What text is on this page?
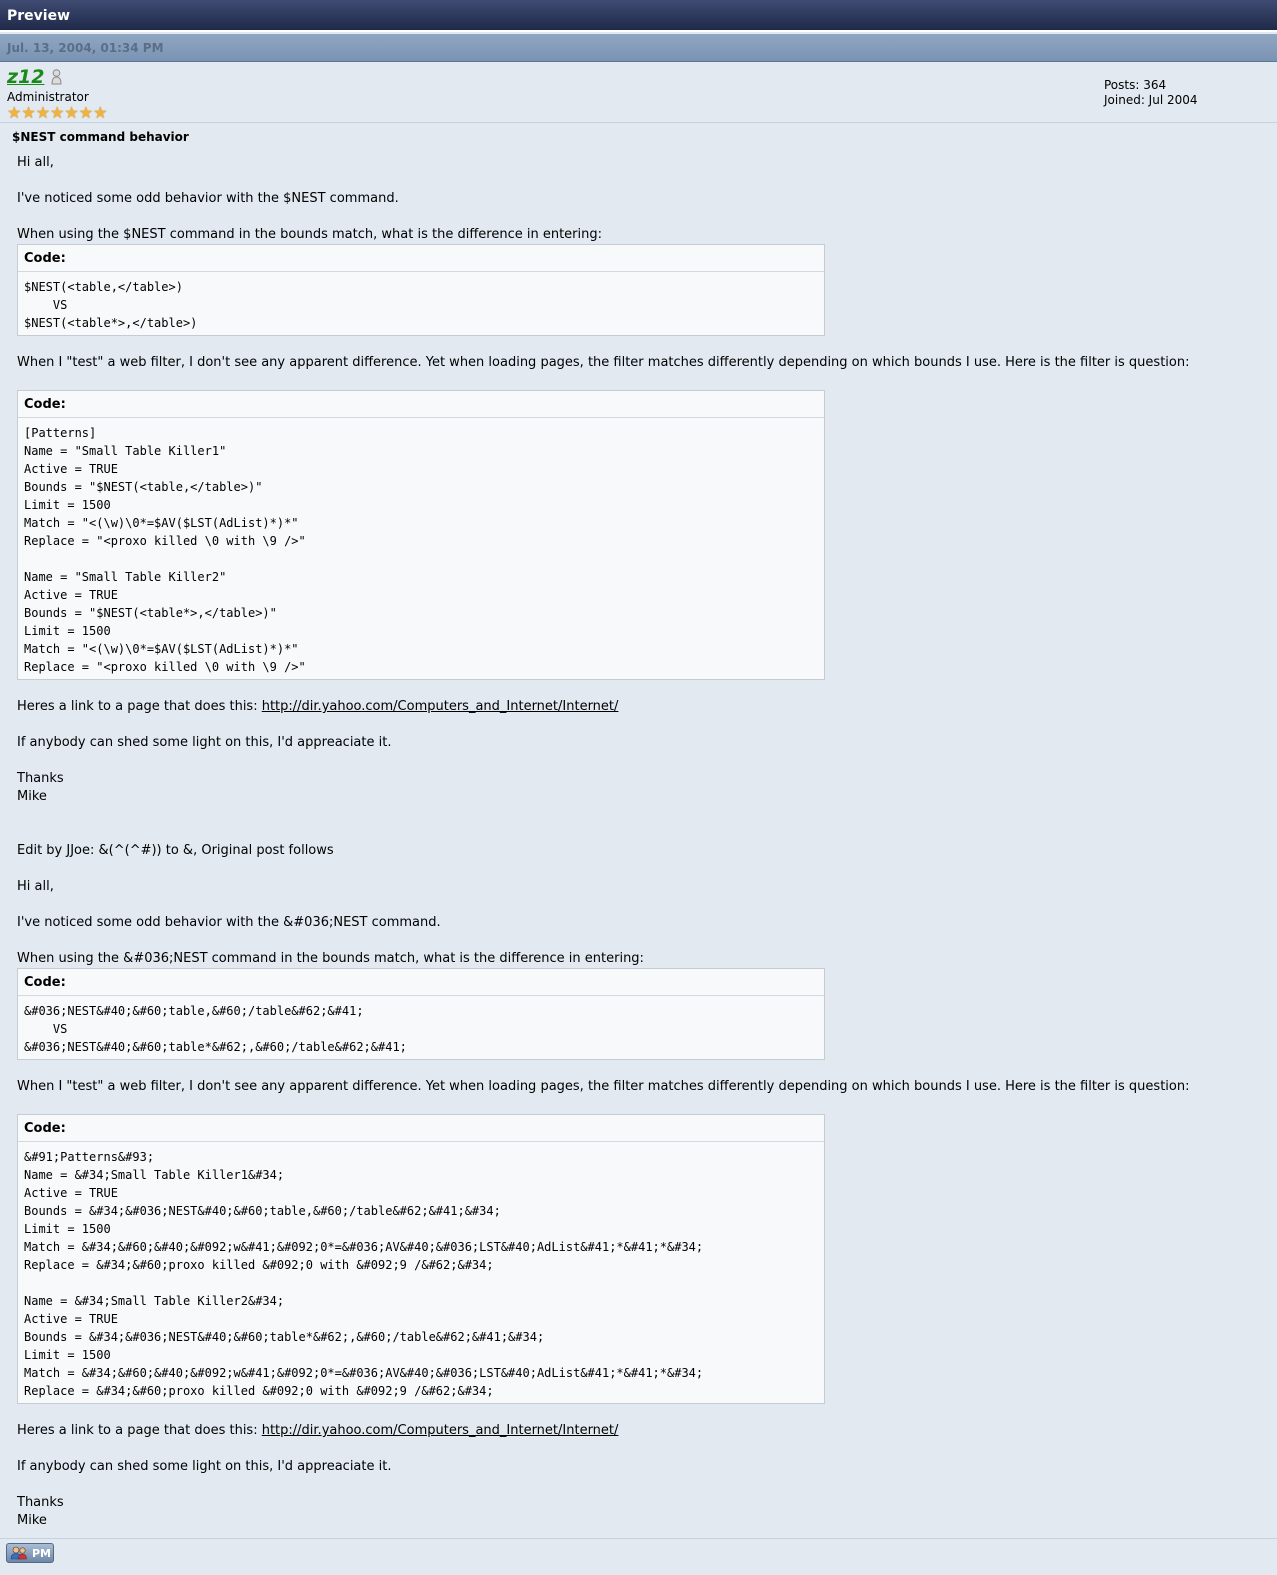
Preview
Jul. 13, 2004, 01:34 PM
z12
Administrator
★ ★ ★ ★ ★ ★ ★
Posts: 364
Joined: Jul 2004
$NEST command behavior

Hi all,

I've noticed some odd behavior with the $NEST command.

When using the $NEST command in the bounds match, what is the difference in entering:

Code:
$NEST(<table,</table>)
VS
$NEST(<table*>,</table>)

When I "test" a web filter, I don't see any apparent difference. Yet when loading pages, the filter matches differently depending on which bounds I use. Here is the filter is question:

Code:
[Patterns]
Name = "Small Table Killer1"
Active = TRUE
Bounds = "$NEST(<table,</table>)"
Limit = 1500
Match = "<(\w)\0*=$AV($LST(AdList)*)*"
Replace = "<proxo killed \0 with \9 />"

Name = "Small Table Killer2"
Active = TRUE
Bounds = "$NEST(<table*>,</table>)"
Limit = 1500
Match = "<(\w)\0*=$AV($LST(AdList)*)*"
Replace = "<proxo killed \0 with \9 />"

Heres a link to a page that does this: http://dir.yahoo.com/Computers_and_Internet/Internet/

If anybody can shed some light on this, I'd appreaciate it.

Thanks
Mike

Edit by JJoe: &(^(^#)) to &, Original post follows

Hi all,

I've noticed some odd behavior with the &#036;NEST command.

When using the &#036;NEST command in the bounds match, what is the difference in entering:

Code:
&#036;NEST&#40;&#60;table,&#60;/table&#62;&#41;
VS
&#036;NEST&#40;&#60;table*&#62;,&#60;/table&#62;&#41;

When I "test" a web filter, I don't see any apparent difference. Yet when loading pages, the filter matches differently depending on which bounds I use. Here is the filter is question:

Code:
&#91;Patterns&#93;
Name = &#34;Small Table Killer1&#34;
Active = TRUE
Bounds = &#34;&#036;NEST&#40;&#60;table,&#60;/table&#62;&#41;&#34;
Limit = 1500
Match = &#34;&#60;&#40;&#092;w&#41;&#092;0*=&#036;AV&#40;&#036;LST&#40;AdList&#41;*&#41;*&#34;
Replace = &#34;&#60;proxo killed &#092;0 with &#092;9 /&#62;&#34;

Name = &#34;Small Table Killer2&#34;
Active = TRUE
Bounds = &#34;&#036;NEST&#40;&#60;table*&#62;,&#60;/table&#62;&#41;&#34;
Limit = 1500
Match = &#34;&#60;&#40;&#092;w&#41;&#092;0*=&#036;AV&#40;&#036;LST&#40;AdList&#41;*&#41;*&#34;
Replace = &#34;&#60;proxo killed &#092;0 with &#092;9 /&#62;&#34;

Heres a link to a page that does this: http://dir.yahoo.com/Computers_and_Internet/Internet/

If anybody can shed some light on this, I'd appreaciate it.

Thanks
Mike

PM
